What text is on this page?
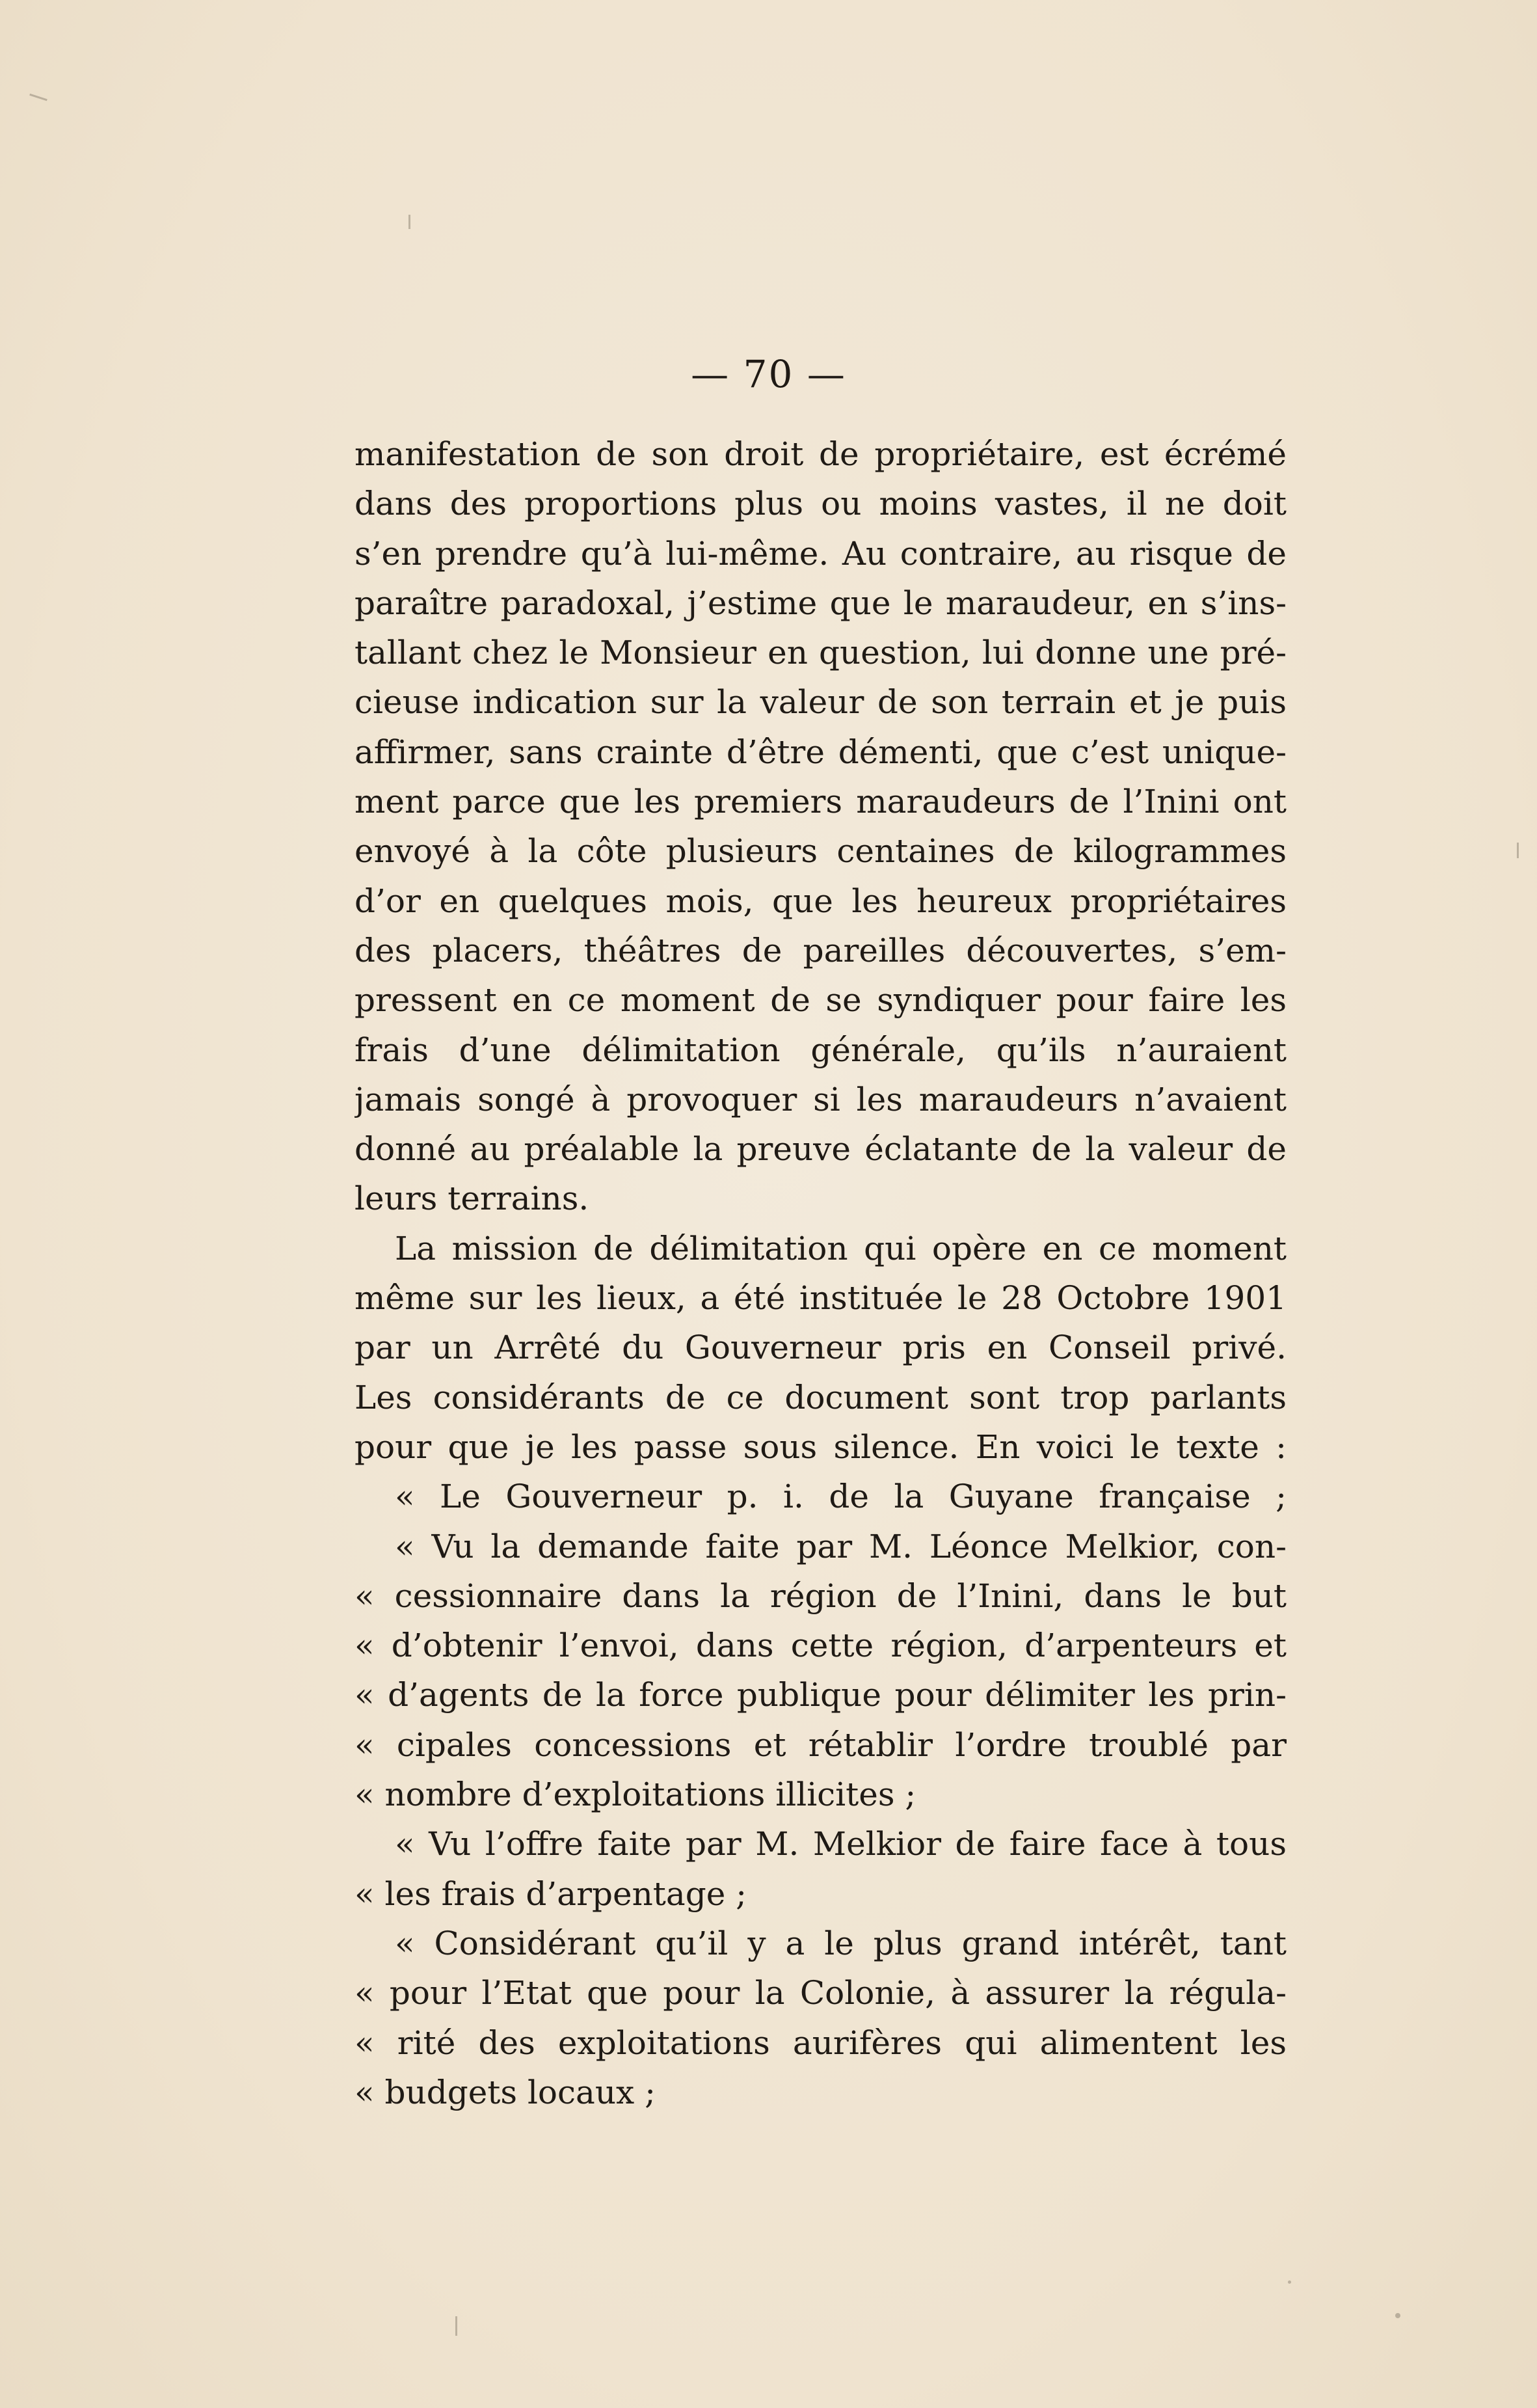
— 70 —
manifestation de son droit de propriétaire, est écrémé
dans des proportions plus ou moins vastes, il ne doit
s’en prendre qu’à lui-même. Au contraire, au risque de
paraître paradoxal, j’estime que le maraudeur, en s’ins-
tallant chez le Monsieur en question, lui donne une pré-
cieuse indication sur la valeur de son terrain et je puis
affirmer, sans crainte d’être démenti, que c’est unique-
ment parce que les premiers maraudeurs de l’Inini ont
envoyé à la côte plusieurs centaines de kilogrammes
d’or en quelques mois, que les heureux propriétaires
des placers, théâtres de pareilles découvertes, s’em-
pressent en ce moment de se syndiquer pour faire les
frais d’une délimitation générale, qu’ils n’auraient
jamais songé à provoquer si les maraudeurs n’avaient
donné au préalable la preuve éclatante de la valeur de
leurs terrains.
La mission de délimitation qui opère en ce moment
même sur les lieux, a été instituée le 28 Octobre 1901
par un Arrêté du Gouverneur pris en Conseil privé.
Les considérants de ce document sont trop parlants
pour que je les passe sous silence. En voici le texte :
« Le Gouverneur p. i. de la Guyane française ;
« Vu la demande faite par M. Léonce Melkior, con-
« cessionnaire dans la région de l’Inini, dans le but
« d’obtenir l’envoi, dans cette région, d’arpenteurs et
« d’agents de la force publique pour délimiter les prin-
« cipales concessions et rétablir l’ordre troublé par
« nombre d’exploitations illicites ;
« Vu l’offre faite par M. Melkior de faire face à tous
« les frais d’arpentage ;
« Considérant qu’il y a le plus grand intérêt, tant
« pour l’Etat que pour la Colonie, à assurer la régula-
« rité des exploitations aurifères qui alimentent les
« budgets locaux ;
